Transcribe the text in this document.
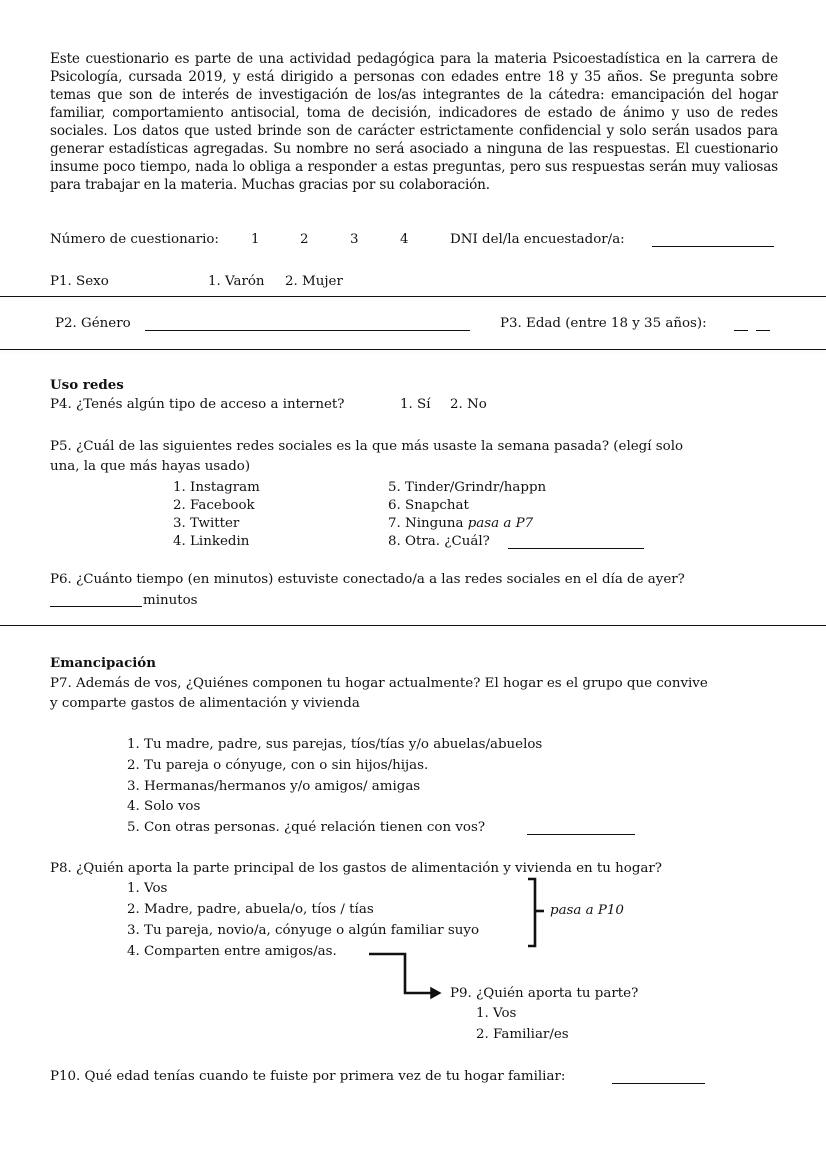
Este cuestionario es parte de una actividad pedagógica para la materia Psicoestadística en la carrera de Psicología, cursada 2019, y está dirigido a personas con edades entre 18 y 35 años. Se pregunta sobre temas que son de interés de investigación de los/as integrantes de la cátedra: emancipación del hogar familiar, comportamiento antisocial, toma de decisión, indicadores de estado de ánimo y uso de redes sociales. Los datos que usted brinde son de carácter estrictamente confidencial y solo serán usados para generar estadísticas agregadas. Su nombre no será asociado a ninguna de las respuestas. El cuestionario insume poco tiempo, nada lo obliga a responder a estas preguntas, pero sus respuestas serán muy valiosas para trabajar en la materia. Muchas gracias por su colaboración.
Número de cuestionario: 1	2	3	4	DNI del/la encuestador/a:
P1. Sexo	1. Varón 2. Mujer
P2. Género	P3. Edad (entre 18 y 35 años):
Uso redes
P4. ¿Tenés algún tipo de acceso a internet?	1. Sí 2. No
P5. ¿Cuál de las siguientes redes sociales es la que más usaste la semana pasada? (elegí solo
una, la que más hayas usado)
1. Instagram
2. Facebook
3. Twitter
4. Linkedin
5. Tinder/Grindr/happn
6. Snapchat
7. Ninguna pasa a P7
8. Otra. ¿Cuál?
P6. ¿Cuánto tiempo (en minutos) estuviste conectado/a a las redes sociales en el día de ayer?
minutos
Emancipación
P7. Además de vos, ¿Quiénes componen tu hogar actualmente? El hogar es el grupo que convive
y comparte gastos de alimentación y vivienda
1. Tu madre, padre, sus parejas, tíos/tías y/o abuelas/abuelos
2. Tu pareja o cónyuge, con o sin hijos/hijas.
3. Hermanas/hermanos y/o amigos/ amigas
4. Solo vos
5. Con otras personas. ¿qué relación tienen con vos?
P8. ¿Quién aporta la parte principal de los gastos de alimentación y vivienda en tu hogar?
1. Vos
2. Madre, padre, abuela/o, tíos / tías
3. Tu pareja, novio/a, cónyuge o algún familiar suyo
4. Comparten entre amigos/as.
pasa a P10
P9. ¿Quién aporta tu parte?
1. Vos
2. Familiar/es
P10. Qué edad tenías cuando te fuiste por primera vez de tu hogar familiar:
